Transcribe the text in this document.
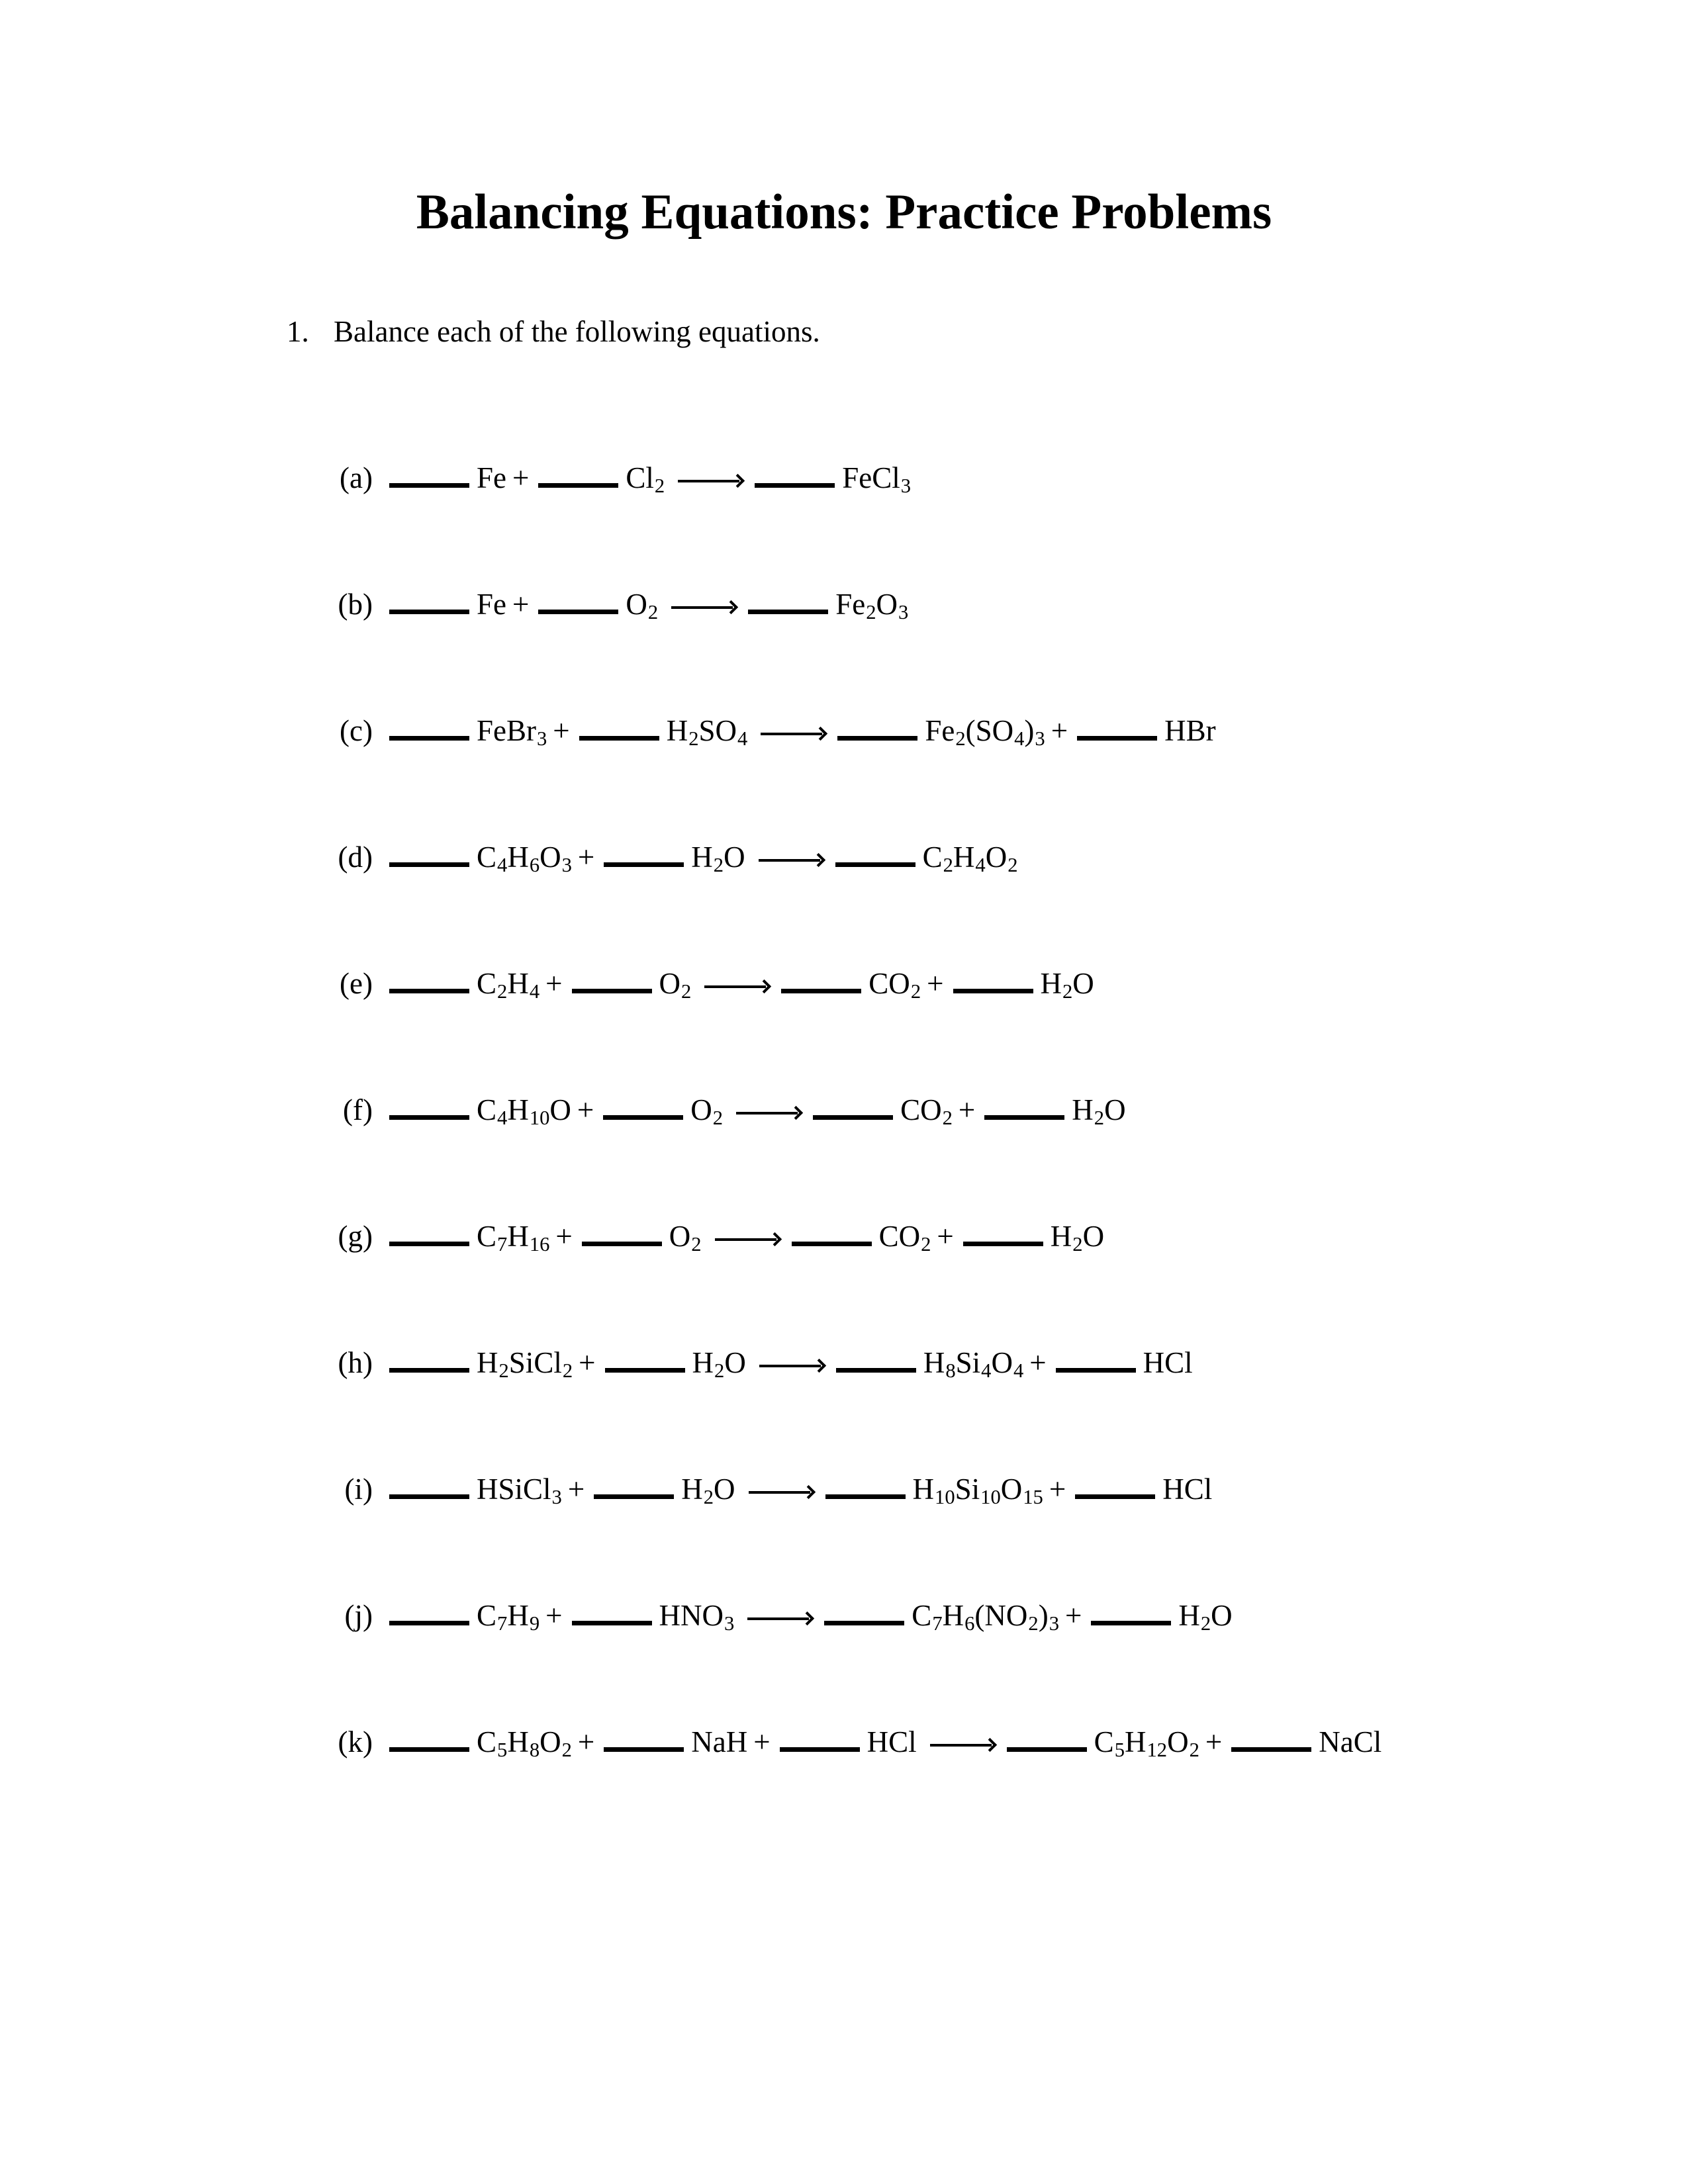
Balancing Equations: Practice Problems
1. Balance each of the following equations.
(a)	Fe +	$Cl_2$ →	FeCl$_3$
(b)	Fe +	$O_2$ →	$Fe_2O_3$
(c)	FeBr$_3$ +	$H_2SO_4$ →	$Fe_2(SO_4)_3$ +	HBr
(d)	$C_4H_6O_3$ +	$H_2O$ →	$C_2H_4O_2$
(e)	$C_2H_4$ +	$O_2$ →	$CO_2$ +	$H_2O$
(f)	$C_4H_{10}O$ +	$O_2$ →	$CO_2$ +	$H_2O$
(g)	$C_7H_{16}$ +	$O_2$ →	$CO_2$ +	$H_2O$
(h)	$H_2SiCl_2$ +	$H_2O$ →	$H_8Si_4O_4$ +	HCl
(i)	HSiCl$_3$ +	$H_2O$ →	$H_{10}Si_{10}O_{15}$ +	HCl
(j)	$C_7H_9$ +	$HNO_3$ →	$C_7H_6(NO_2)_3$ +	$H_2O$
(k)	$C_5H_8O_2$ +	NaH +	HCl →	$C_5H_{12}O_2$ +	NaCl
